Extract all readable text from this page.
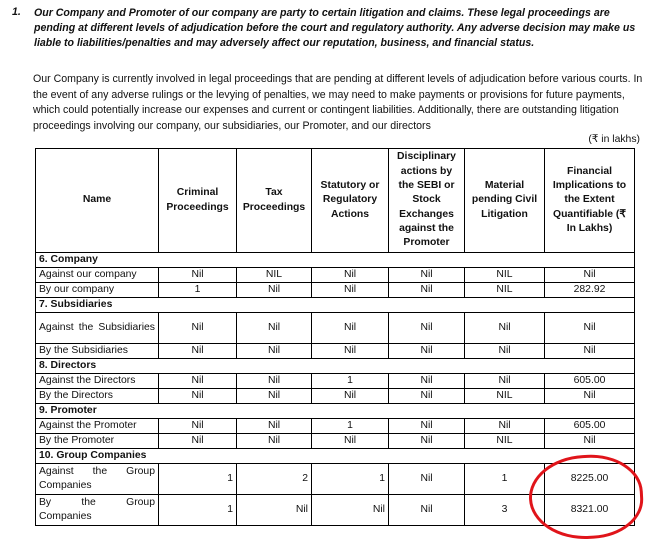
1.	Our Company and Promoter of our company are party to certain litigation and claims. These legal proceedings are pending at different levels of adjudication before the court and regulatory authority. Any adverse decision may make us liable to liabilities/penalties and may adversely affect our reputation, business, and financial status.
Our Company is currently involved in legal proceedings that are pending at different levels of adjudication before various courts. In the event of any adverse rulings or the levying of penalties, we may need to make payments or provisions for future payments, which could potentially increase our expenses and current or contingent liabilities. Additionally, there are outstanding litigation proceedings involving our company, our subsidiaries, our Promoter, and our directors
(₹ in lakhs)
Name	Criminal Proceedings	Tax Proceedings	Statutory or Regulatory Actions	Disciplinary actions by the SEBI or Stock Exchanges against the Promoter	Material pending Civil Litigation	Financial Implications to the Extent Quantifiable (₹ In Lakhs)
6. Company						
Against our company	Nil	NIL	Nil	Nil	NIL	Nil
By our company	1	Nil	Nil	Nil	NIL	282.92
7. Subsidiaries						

Against the Subsidiaries	Nil	Nil	Nil	Nil	Nil	Nil
By the Subsidiaries	Nil	Nil	Nil	Nil	Nil	Nil
8. Directors						
Against the Directors	Nil	Nil	1	Nil	Nil	605.00
By the Directors	Nil	Nil	Nil	Nil	NIL	Nil
9. Promoter						
Against the Promoter	Nil	Nil	1	Nil	Nil	605.00
By the Promoter	Nil	Nil	Nil	Nil	NIL	Nil
10. Group Companies						

Against the Group Companies	1	2	1	Nil	1	8225.00

By the Group Companies	1	Nil	Nil	Nil	3	8321.00
